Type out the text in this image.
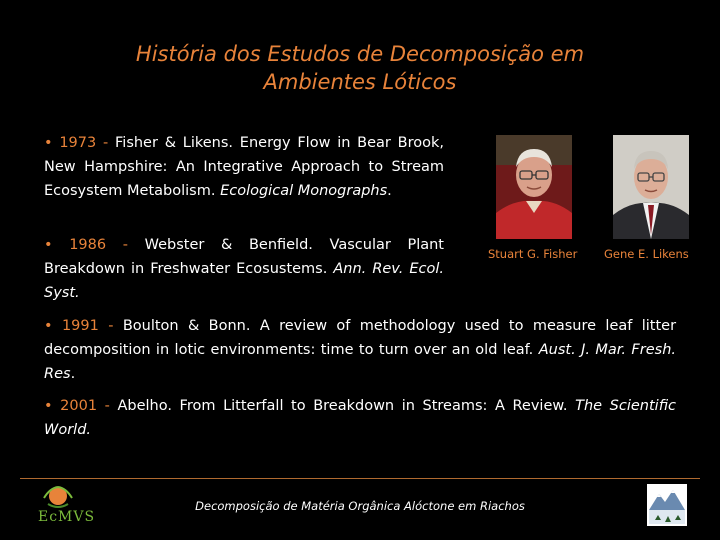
História dos Estudos de Decomposição em
Ambientes Lóticos
• 1973 - Fisher & Likens. Energy Flow in Bear Brook, New Hampshire: An Integrative Approach to Stream Ecosystem Metabolism. Ecological Monographs.
• 1986 - Webster & Benfield. Vascular Plant Breakdown in Freshwater Ecosustems. Ann. Rev. Ecol. Syst.
• 1991 - Boulton & Bonn. A review of methodology used to measure leaf litter decomposition in lotic environments: time to turn over an old leaf. Aust. J. Mar. Fresh. Res.
• 2001 - Abelho. From Litterfall to Breakdown in Streams: A Review. The Scientific World.
Stuart G. Fisher Gene E. Likens
EcMVS
Decomposição de Matéria Orgânica Alóctone em Riachos
